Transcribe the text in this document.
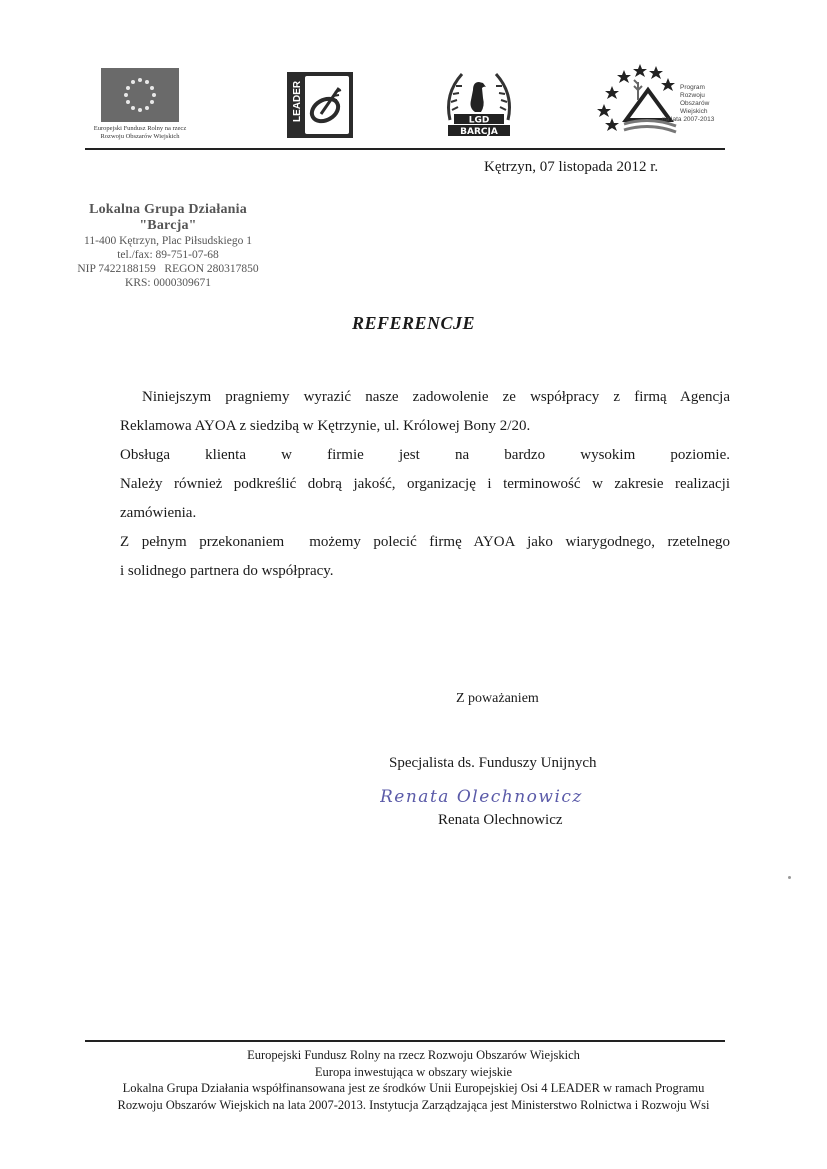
Europejski Fundusz Rolny na rzecz
Rozwoju Obszarów Wiejskich
LEADER	LGD
BARCJA
Program
Rozwoju
Obszarów
Wiejskich
na lata 2007-2013
Kętrzyn, 07 listopada 2012 r.
Lokalna Grupa Działania "Barcja"
11-400 Kętrzyn, Plac Piłsudskiego 1
tel./fax: 89-751-07-68
NIP 7422188159   REGON 280317850
KRS: 0000309671
REFERENCJE
Niniejszym pragniemy wyrazić nasze zadowolenie ze współpracy z firmą Agencja
Reklamowa AYOA z siedzibą w Kętrzynie, ul. Królowej Bony 2/20.
Obsługa klienta w firmie jest na bardzo wysokim poziomie.
Należy również podkreślić dobrą jakość, organizację i terminowość w zakresie realizacji
zamówienia.
Z pełnym przekonaniem  możemy polecić firmę AYOA jako wiarygodnego, rzetelnego
i solidnego partnera do współpracy.
Z poważaniem
Specjalista ds. Funduszy Unijnych
Renata Olechnowicz
Renata Olechnowicz
Europejski Fundusz Rolny na rzecz Rozwoju Obszarów Wiejskich
Europa inwestująca w obszary wiejskie
Lokalna Grupa Działania współfinansowana jest ze środków Unii Europejskiej Osi 4 LEADER w ramach Programu
Rozwoju Obszarów Wiejskich na lata 2007-2013. Instytucja Zarządzająca jest Ministerstwo Rolnictwa i Rozwoju Wsi
